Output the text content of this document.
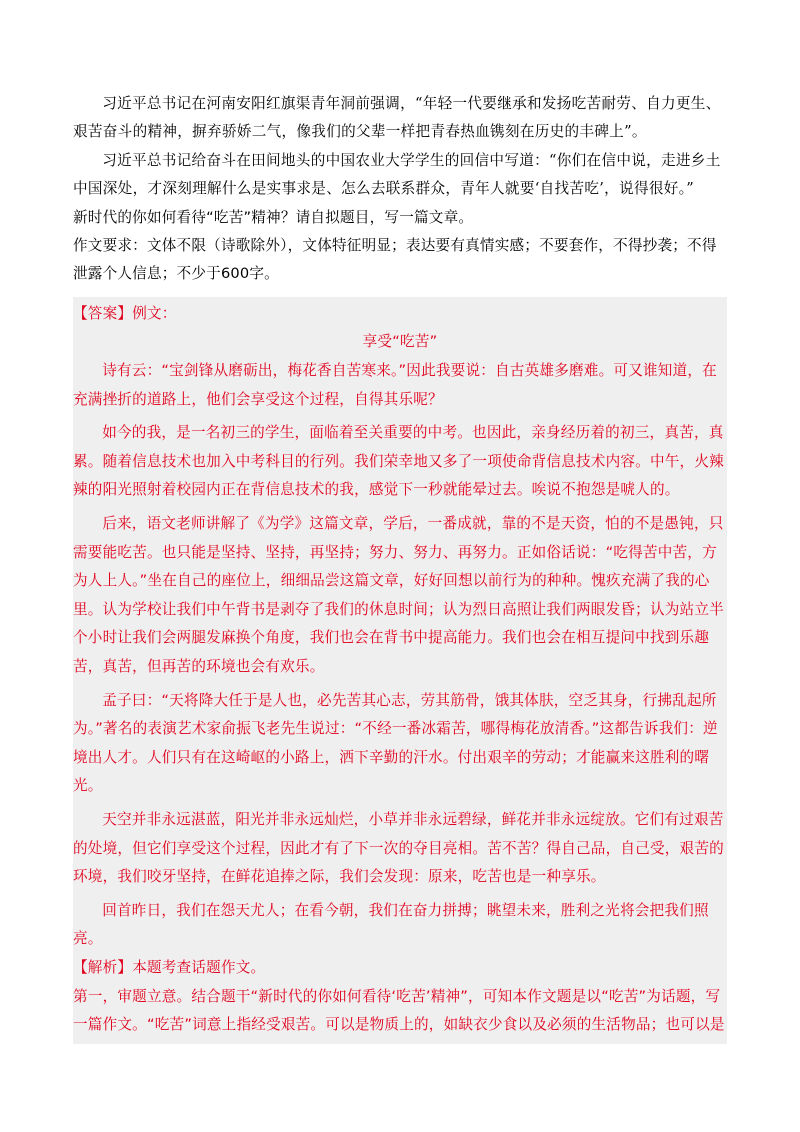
习近平总书记在河南安阳红旗渠青年洞前强调，“年轻一代要继承和发扬吃苦耐劳、自力更生、艰苦奋斗的精神，摒弃骄娇二气，像我们的父辈一样把青春热血镌刻在历史的丰碑上”。

习近平总书记给奋斗在田间地头的中国农业大学学生的回信中写道：“你们在信中说，走进乡土中国深处，才深刻理解什么是实事求是、怎么去联系群众，青年人就要‘自找苦吃’，说得很好。”

新时代的你如何看待“吃苦”精神？请自拟题目，写一篇文章。

作文要求：文体不限（诗歌除外），文体特征明显；表达要有真情实感；不要套作，不得抄袭；不得泄露个人信息；不少于600字。

【答案】例文：

享受“吃苦”

诗有云：“宝剑锋从磨砺出，梅花香自苦寒来。”因此我要说：自古英雄多磨难。可又谁知道，在充满挫折的道路上，他们会享受这个过程，自得其乐呢？

如今的我，是一名初三的学生，面临着至关重要的中考。也因此，亲身经历着的初三，真苦，真累。随着信息技术也加入中考科目的行列。我们荣幸地又多了一项使命背信息技术内容。中午，火辣辣的阳光照射着校园内正在背信息技术的我，感觉下一秒就能晕过去。唉说不抱怨是唬人的。

后来，语文老师讲解了《为学》这篇文章，学后，一番成就，靠的不是天资，怕的不是愚钝，只需要能吃苦。也只能是坚持、坚持，再坚持；努力、努力、再努力。正如俗话说：“吃得苦中苦，方为人上人。”坐在自己的座位上，细细品尝这篇文章，好好回想以前行为的种种。愧疚充满了我的心里。认为学校让我们中午背书是剥夺了我们的休息时间；认为烈日高照让我们两眼发昏；认为站立半个小时让我们会两腿发麻换个角度，我们也会在背书中提高能力。我们也会在相互提问中找到乐趣苦，真苦，但再苦的环境也会有欢乐。

孟子曰：“天将降大任于是人也，必先苦其心志，劳其筋骨，饿其体肤，空乏其身，行拂乱起所为。”著名的表演艺术家俞振飞老先生说过：“不经一番冰霜苦，哪得梅花放清香。”这都告诉我们：逆境出人才。人们只有在这崎岖的小路上，洒下辛勤的汗水。付出艰辛的劳动；才能赢来这胜利的曙光。

天空并非永远湛蓝，阳光并非永远灿烂，小草并非永远碧绿，鲜花并非永远绽放。它们有过艰苦的处境，但它们享受这个过程，因此才有了下一次的夺目亮相。苦不苦？得自己品，自己受，艰苦的环境，我们咬牙坚持，在鲜花追捧之际，我们会发现：原来，吃苦也是一种享乐。

回首昨日，我们在怨天尤人；在看今朝，我们在奋力拼搏；眺望未来，胜利之光将会把我们照亮。

【解析】本题考查话题作文。

第一，审题立意。结合题干“新时代的你如何看待‘吃苦’精神”，可知本作文题是以“吃苦”为话题，写一篇作文。“吃苦”词意上指经受艰苦。可以是物质上的，如缺衣少食以及必须的生活物品；也可以是
